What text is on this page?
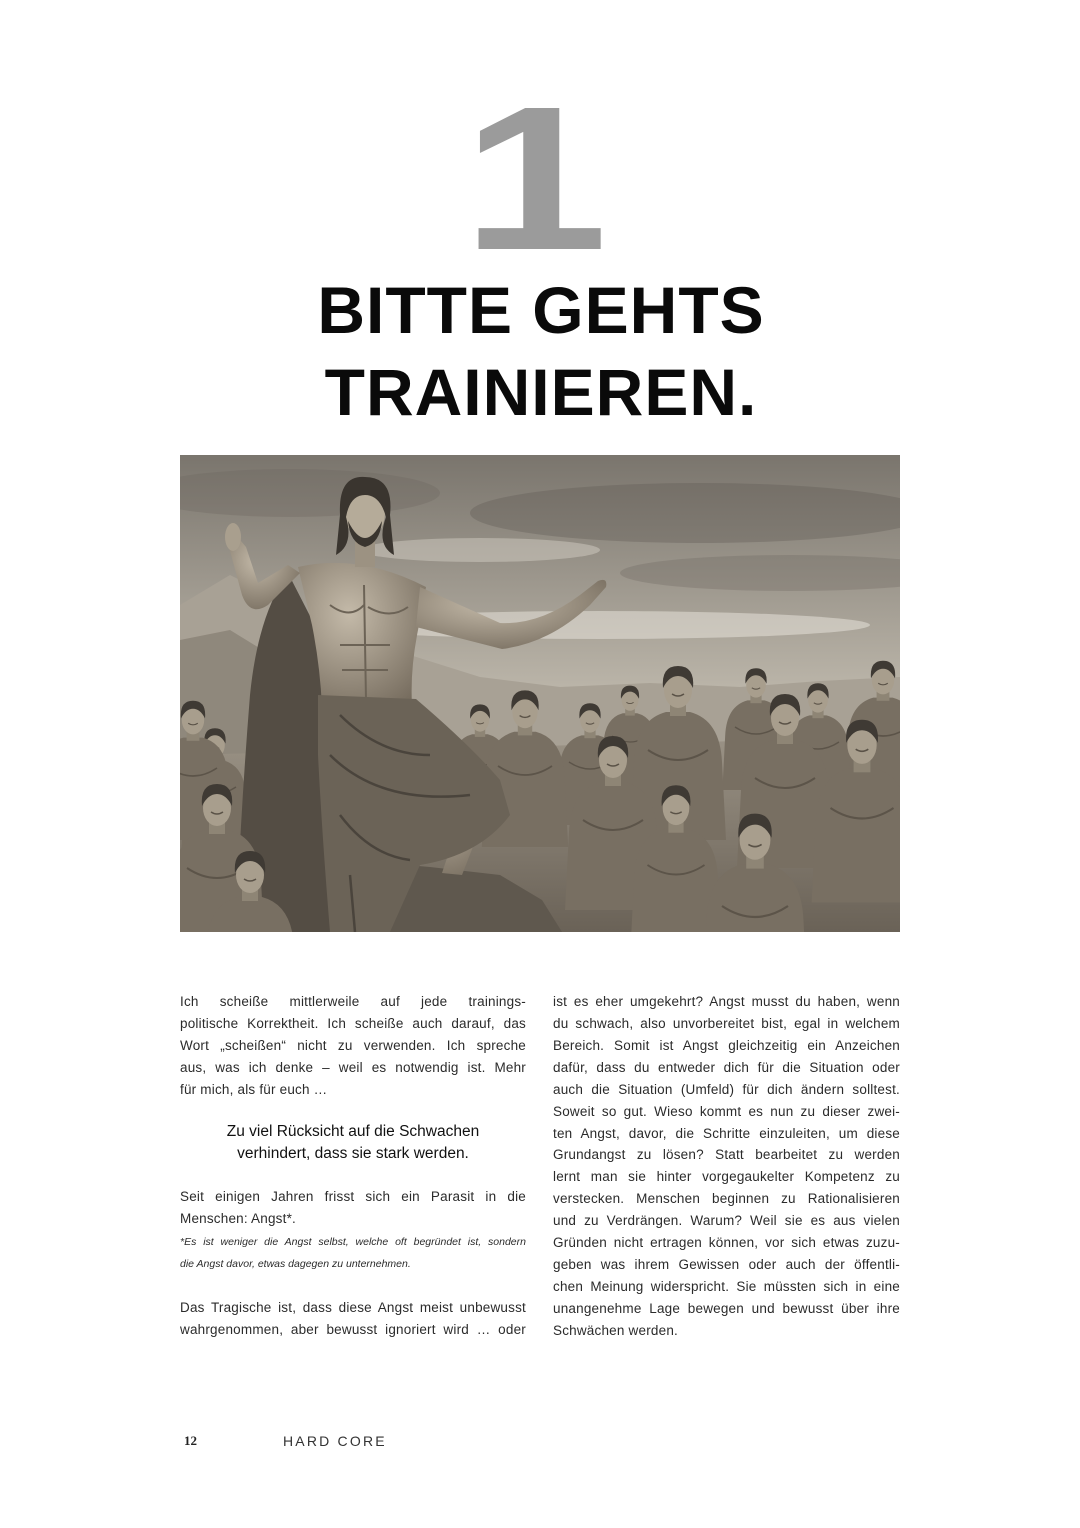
1
BITTE GEHTS
TRAINIEREN.
Ich scheiße mittlerweile auf jede trainings-
politische Korrektheit. Ich scheiße auch darauf, das
Wort „scheißen“ nicht zu verwenden. Ich spreche
aus, was ich denke – weil es notwendig ist. Mehr
für mich, als für euch …
Zu viel Rücksicht auf die Schwachen
verhindert, dass sie stark werden.
Seit einigen Jahren frisst sich ein Parasit in die
Menschen: Angst*.
*Es ist weniger die Angst selbst, welche oft begründet ist, sondern
die Angst davor, etwas dagegen zu unternehmen.
Das Tragische ist, dass diese Angst meist unbewusst
wahrgenommen, aber bewusst ignoriert wird … oder
ist es eher umgekehrt? Angst musst du haben, wenn
du schwach, also unvorbereitet bist, egal in welchem
Bereich. Somit ist Angst gleichzeitig ein Anzeichen
dafür, dass du entweder dich für die Situation oder
auch die Situation (Umfeld) für dich ändern solltest.
Soweit so gut. Wieso kommt es nun zu dieser zwei-
ten Angst, davor, die Schritte einzuleiten, um diese
Grundangst zu lösen? Statt bearbeitet zu werden
lernt man sie hinter vorgegaukelter Kompetenz zu
verstecken. Menschen beginnen zu Rationalisieren
und zu Verdrängen. Warum? Weil sie es aus vielen
Gründen nicht ertragen können, vor sich etwas zuzu-
geben was ihrem Gewissen oder auch der öffentli-
chen Meinung widerspricht. Sie müssten sich in eine
unangenehme Lage bewegen und bewusst über ihre
Schwächen werden.
12	HARD CORE
